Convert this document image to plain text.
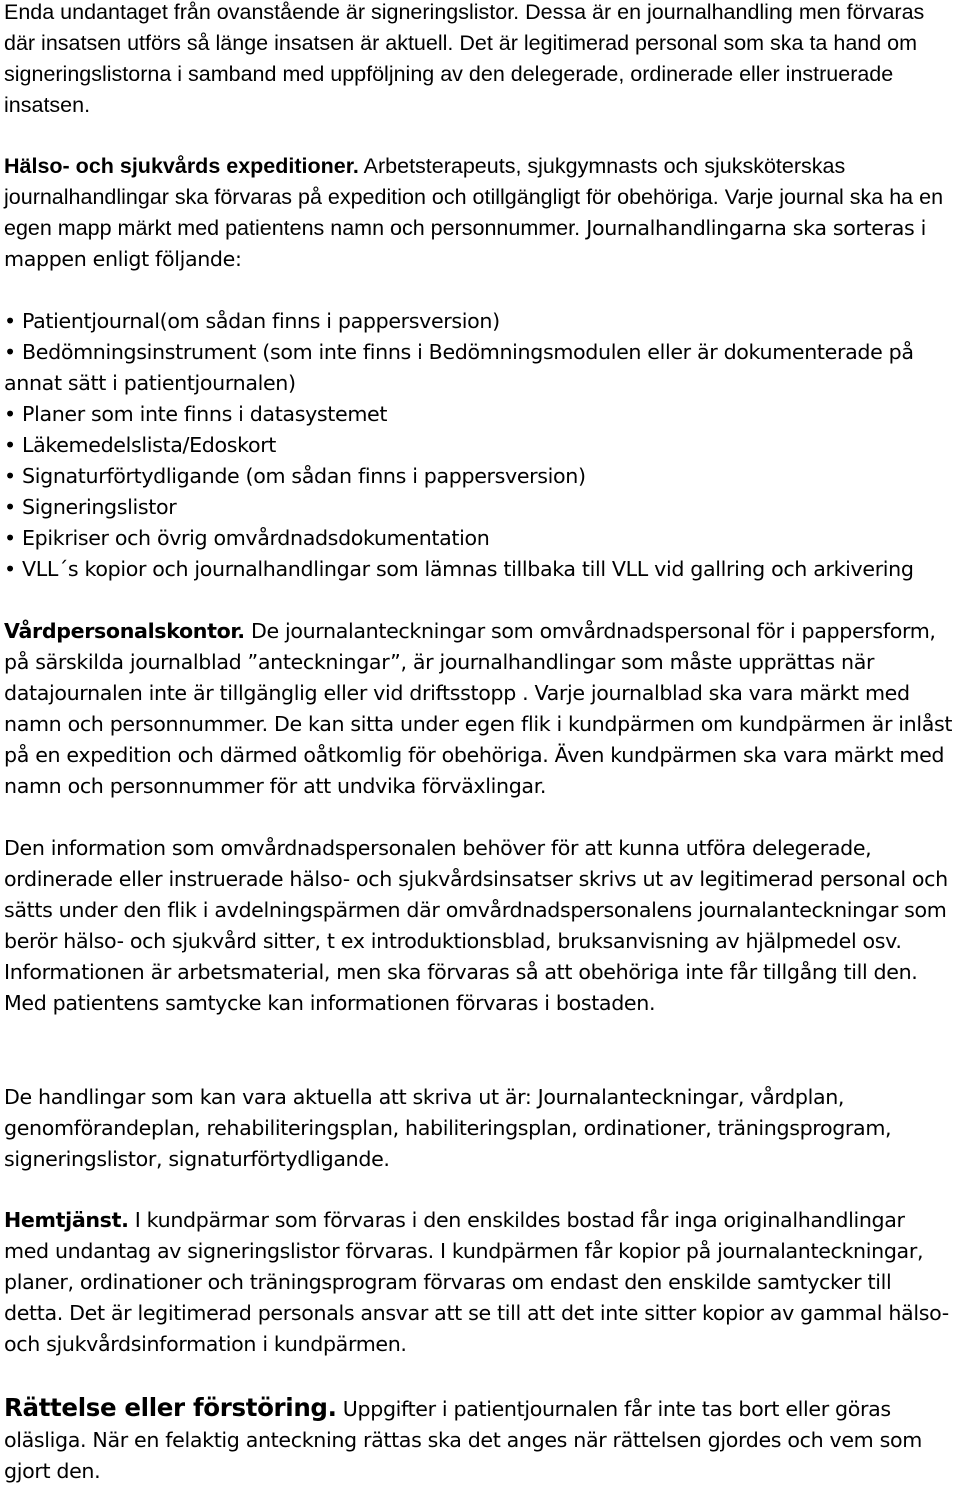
Enda undantaget från ovanstående är signeringslistor. Dessa är en journalhandling men förvaras där insatsen utförs så länge insatsen är aktuell. Det är legitimerad personal som ska ta hand om signeringslistorna i samband med uppföljning av den delegerade, ordinerade eller instruerade insatsen.

Hälso- och sjukvårds expeditioner. Arbetsterapeuts, sjukgymnasts och sjuksköterskas journalhandlingar ska förvaras på expedition och otillgängligt för obehöriga. Varje journal ska ha en egen mapp märkt med patientens namn och personnummer. Journalhandlingarna ska sorteras i mappen enligt följande:

• Patientjournal(om sådan finns i pappersversion)
• Bedömningsinstrument (som inte finns i Bedömningsmodulen eller är dokumenterade på annat sätt i patientjournalen)
• Planer som inte finns i datasystemet
• Läkemedelslista/Edoskort
• Signaturförtydligande (om sådan finns i pappersversion)
• Signeringslistor
• Epikriser och övrig omvårdnadsdokumentation
• VLL´s kopior och journalhandlingar som lämnas tillbaka till VLL vid gallring och arkivering

Vårdpersonalskontor. De journalanteckningar som omvårdnadspersonal för i pappersform, på särskilda journalblad ”anteckningar”, är journalhandlingar som måste upprättas när datajournalen inte är tillgänglig eller vid driftsstopp . Varje journalblad ska vara märkt med namn och personnummer. De kan sitta under egen flik i kundpärmen om kundpärmen är inlåst på en expedition och därmed oåtkomlig för obehöriga. Även kundpärmen ska vara märkt med namn och personnummer för att undvika förväxlingar.

Den information som omvårdnadspersonalen behöver för att kunna utföra delegerade, ordinerade eller instruerade hälso- och sjukvårdsinsatser skrivs ut av legitimerad personal och sätts under den flik i avdelningspärmen där omvårdnadspersonalens journalanteckningar som berör hälso- och sjukvård sitter, t ex introduktionsblad, bruksanvisning av hjälpmedel osv. Informationen är arbetsmaterial, men ska förvaras så att obehöriga inte får tillgång till den. Med patientens samtycke kan informationen förvaras i bostaden.

De handlingar som kan vara aktuella att skriva ut är: Journalanteckningar, vårdplan, genomförandeplan, rehabiliteringsplan, habiliteringsplan, ordinationer, träningsprogram, signeringslistor, signaturförtydligande.

Hemtjänst. I kundpärmar som förvaras i den enskildes bostad får inga originalhandlingar med undantag av signeringslistor förvaras. I kundpärmen får kopior på journalanteckningar, planer, ordinationer och träningsprogram förvaras om endast den enskilde samtycker till detta. Det är legitimerad personals ansvar att se till att det inte sitter kopior av gammal hälso- och sjukvårdsinformation i kundpärmen.

Rättelse eller förstöring. Uppgifter i patientjournalen får inte tas bort eller göras oläsliga. När en felaktig anteckning rättas ska det anges när rättelsen gjordes och vem som gjort den.
